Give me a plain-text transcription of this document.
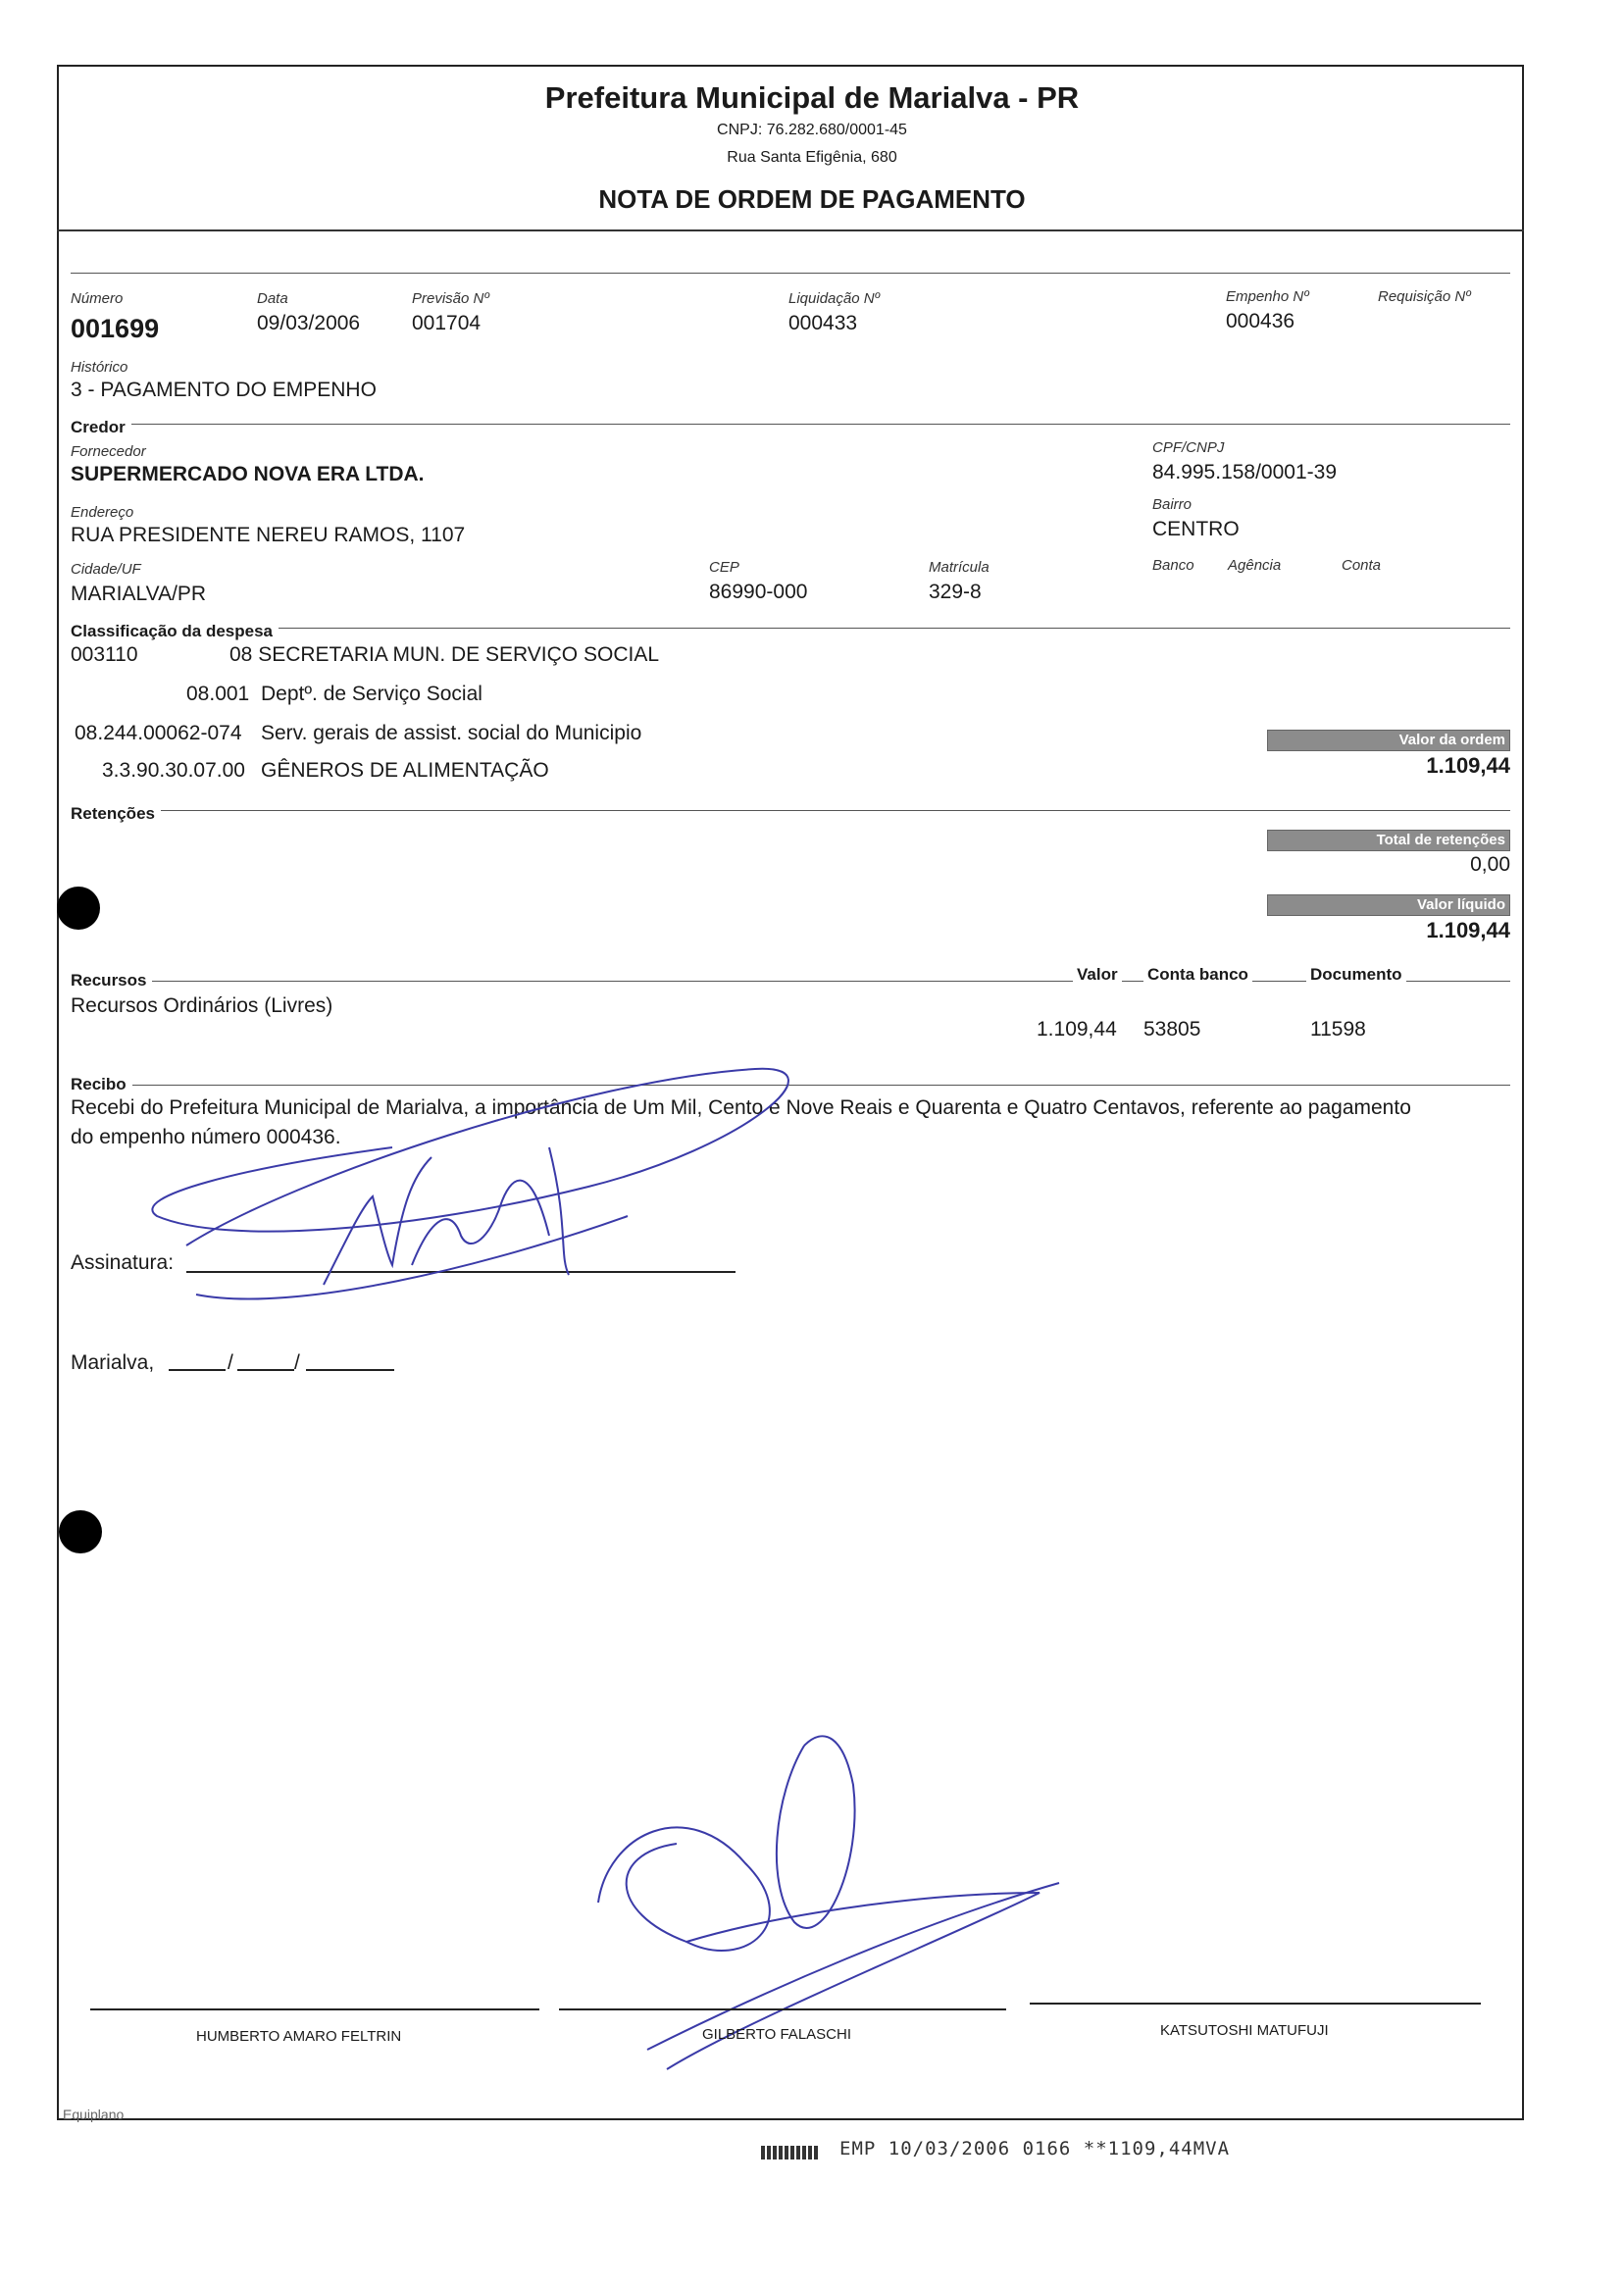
Prefeitura Municipal de Marialva - PR
CNPJ: 76.282.680/0001-45
Rua Santa Efigênia, 680
NOTA DE ORDEM DE PAGAMENTO
Número
001699
Data
09/03/2006
Previsão Nº
001704
Liquidação Nº
000433
Empenho Nº
000436
Requisição Nº
Histórico
3 - PAGAMENTO DO EMPENHO
Credor
Fornecedor
SUPERMERCADO NOVA ERA LTDA.
CPF/CNPJ
84.995.158/0001-39
Endereço
RUA PRESIDENTE NEREU RAMOS, 1107
Bairro
CENTRO
Cidade/UF
MARIALVA/PR
CEP
86990-000
Matrícula
329-8
Banco Agência	Conta
Classificação da despesa
003110	08 SECRETARIA MUN. DE SERVIÇO SOCIAL
08.001 Deptº. de Serviço Social
08.244.00062-074 Serv. gerais de assist. social do Municipio
3.3.90.30.07.00 GÊNEROS DE ALIMENTAÇÃO
Valor da ordem
1.109,44
Total de retenções
0,00
Valor líquido
1.109,44
Retenções
Recursos	Valor Conta banco	Documento
Recursos Ordinários (Livres)
1.109,44 53805	11598
Recibo
Recebi do Prefeitura Municipal de Marialva, a importância de Um Mil, Cento e Nove Reais e Quarenta e Quatro Centavos, referente ao pagamento
do empenho número 000436.
Assinatura:
Marialva,	/	/
HUMBERTO AMARO FELTRIN	GILBERTO FALASCHI	KATSUTOSHI MATUFUJI
Equiplano
EMP 10/03/2006 0166 **1109,44MVA
